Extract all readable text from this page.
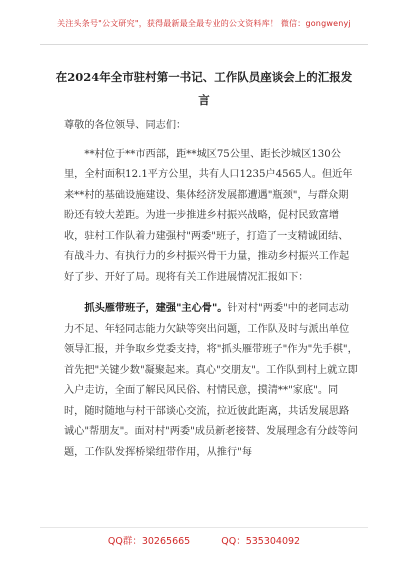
关注头条号"公文研究"，获得最新最全最专业的公文资料库！ 微信：gongwenyj
在2024年全市驻村第一书记、工作队员座谈会上的汇报发言

尊敬的各位领导、同志们：

**村位于**市西部，距**城区75公里、距长沙城区130公里，全村面积12.1平方公里，共有人口1235户4565人。但近年来**村的基础设施建设、集体经济发展都遭遇"瓶颈"，与群众期盼还有较大差距。为进一步推进乡村振兴战略，促村民致富增收，驻村工作队着力建强村"两委"班子，打造了一支精诚团结、有战斗力、有执行力的乡村振兴骨干力量，推动乡村振兴工作起好了步、开好了局。现将有关工作进展情况汇报如下：

抓头雁带班子，建强"主心骨"。针对村"两委"中的老同志动力不足、年轻同志能力欠缺等突出问题，工作队及时与派出单位领导汇报，并争取乡党委支持，将"抓头雁带班子"作为"先手棋"，首先把"关键少数"凝聚起来。真心"交朋友"。工作队到村上就立即入户走访，全面了解民风民俗、村情民意，摸清**"家底"。同时，随时随地与村干部谈心交流，拉近彼此距离，共话发展思路诚心"帮朋友"。面对村"两委"成员新老接替、发展理念有分歧等问题，工作队发挥桥梁纽带作用，从推行"每

QQ群：30265665	QQ：535304092
